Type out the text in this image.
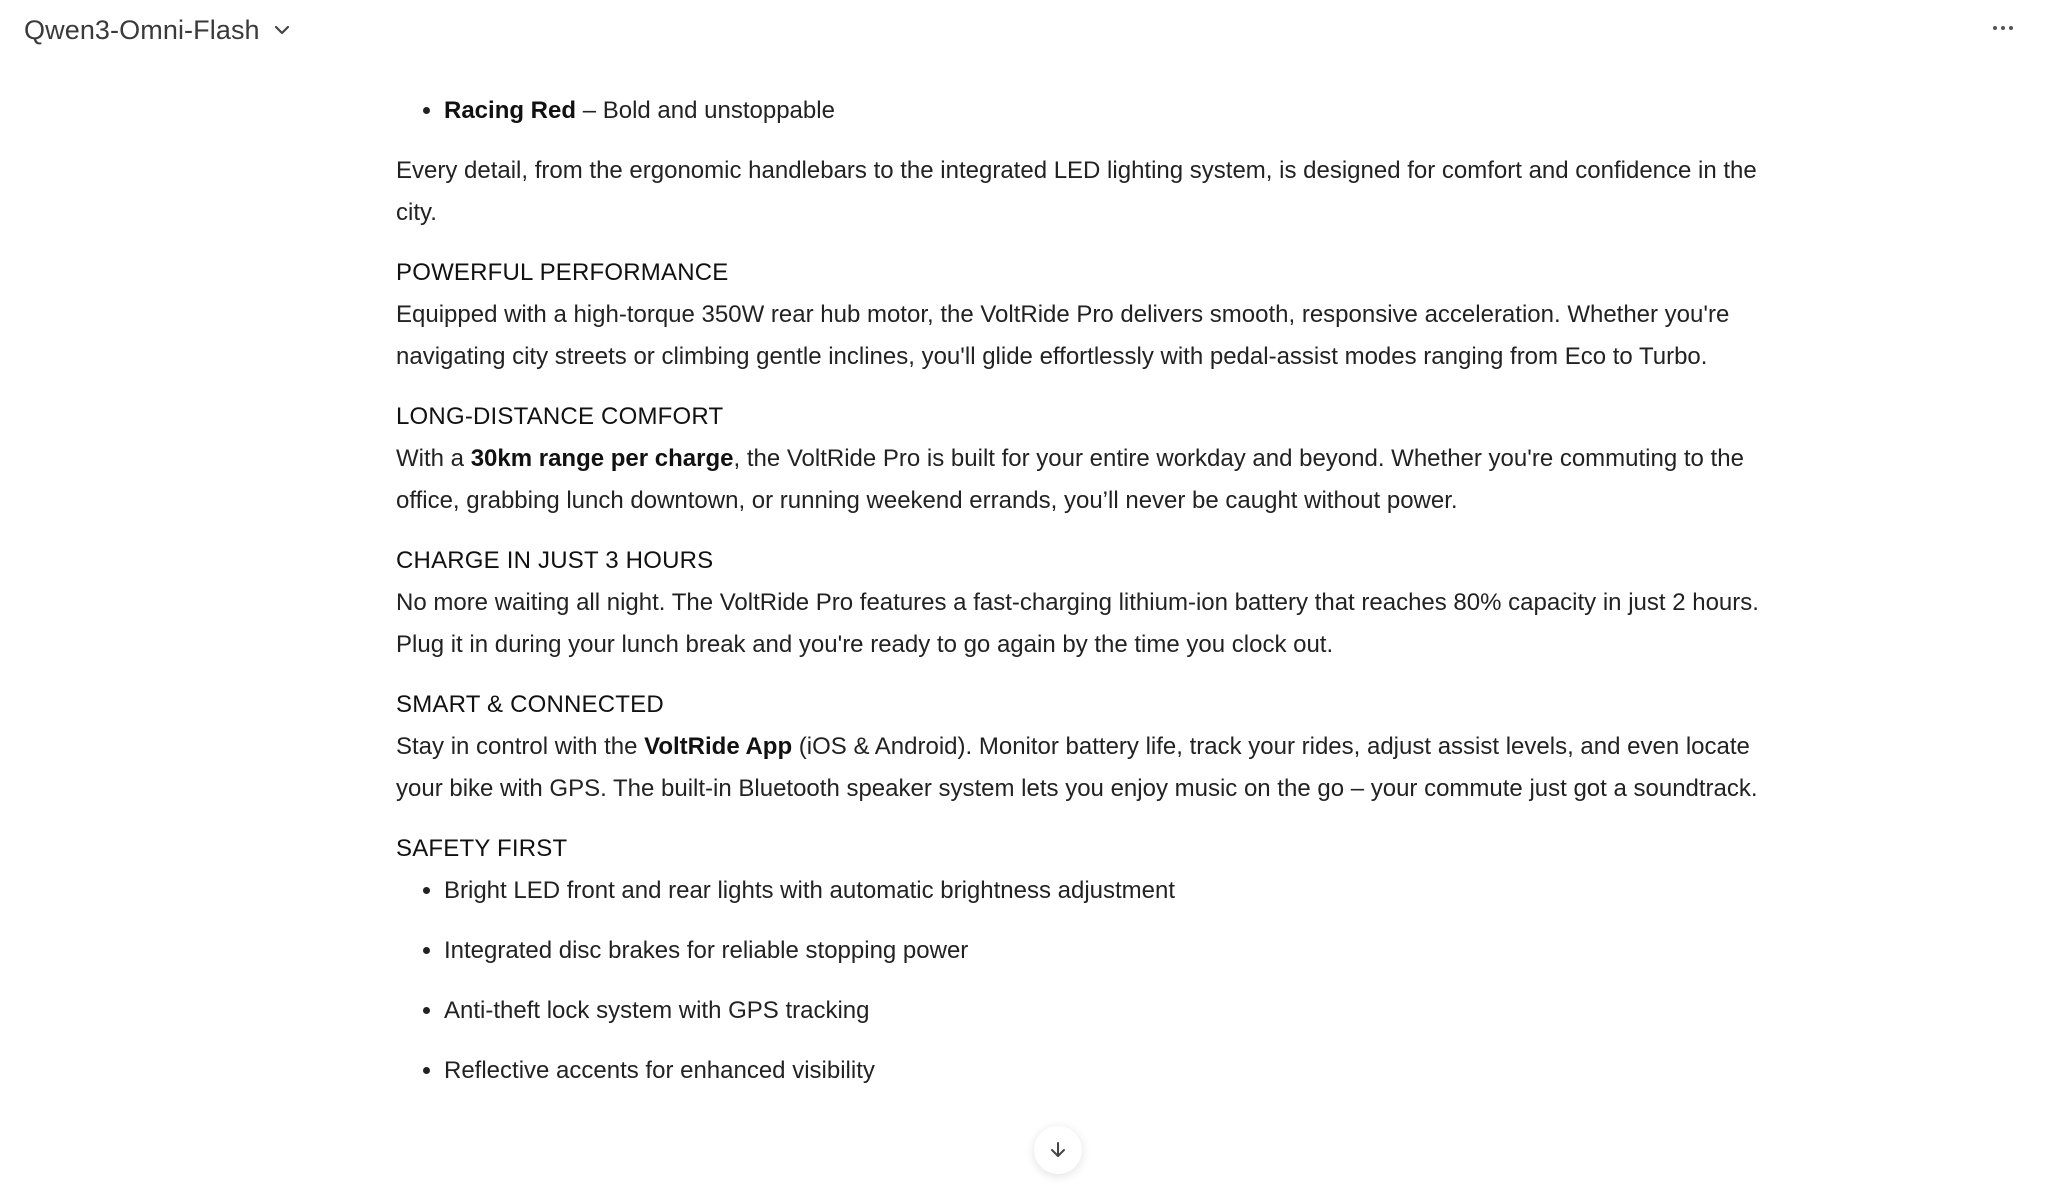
Qwen3-Omni-Flash
• Racing Red – Bold and unstoppable

Every detail, from the ergonomic handlebars to the integrated LED lighting system, is designed for comfort and confidence in the city.

POWERFUL PERFORMANCE

Equipped with a high-torque 350W rear hub motor, the VoltRide Pro delivers smooth, responsive acceleration. Whether you're navigating city streets or climbing gentle inclines, you'll glide effortlessly with pedal-assist modes ranging from Eco to Turbo.

LONG-DISTANCE COMFORT

With a 30km range per charge, the VoltRide Pro is built for your entire workday and beyond. Whether you're commuting to the office, grabbing lunch downtown, or running weekend errands, you’ll never be caught without power.

CHARGE IN JUST 3 HOURS

No more waiting all night. The VoltRide Pro features a fast-charging lithium-ion battery that reaches 80% capacity in just 2 hours. Plug it in during your lunch break and you're ready to go again by the time you clock out.

SMART & CONNECTED

Stay in control with the VoltRide App (iOS & Android). Monitor battery life, track your rides, adjust assist levels, and even locate your bike with GPS. The built-in Bluetooth speaker system lets you enjoy music on the go – your commute just got a soundtrack.

SAFETY FIRST
• Bright LED front and rear lights with automatic brightness adjustment
• Integrated disc brakes for reliable stopping power
• Anti-theft lock system with GPS tracking
• Reflective accents for enhanced visibility
